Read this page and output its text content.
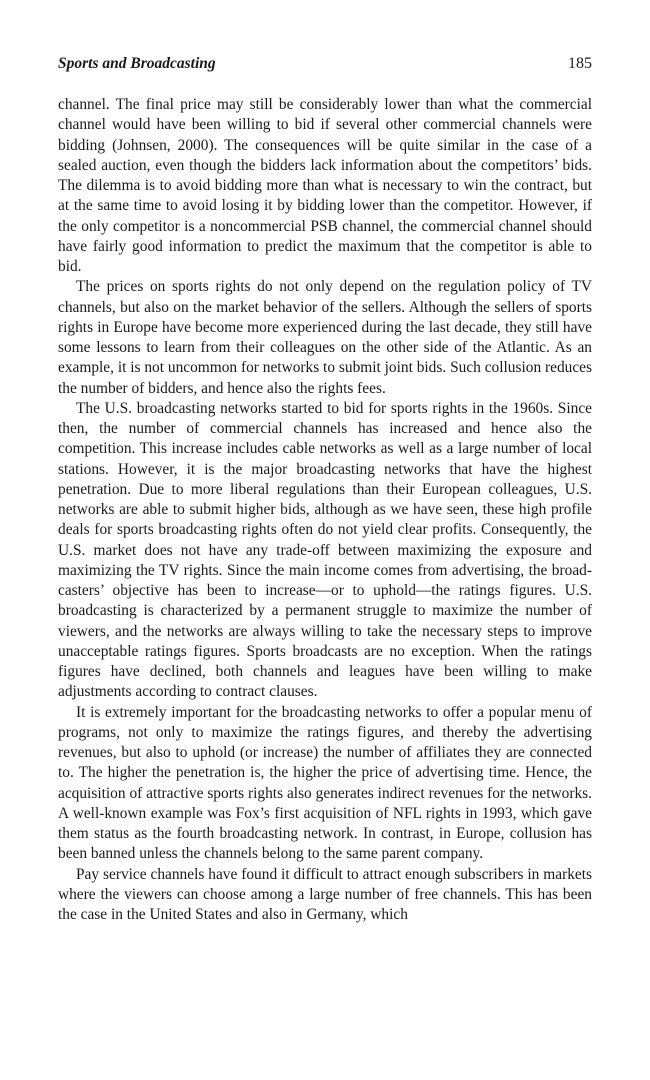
Sports and Broadcasting	185

channel. The final price may still be considerably lower than what the commercial channel would have been willing to bid if several other commercial channels were bidding (Johnsen, 2000). The consequences will be quite similar in the case of a sealed auction, even though the bidders lack information about the competitors’ bids. The dilemma is to avoid bidding more than what is necessary to win the contract, but at the same time to avoid losing it by bidding lower than the competitor. However, if the only competitor is a noncommercial PSB channel, the commercial channel should have fairly good information to predict the maximum that the competitor is able to bid.

The prices on sports rights do not only depend on the regulation policy of TV channels, but also on the market behavior of the sellers. Although the sellers of sports rights in Europe have become more experienced during the last decade, they still have some lessons to learn from their colleagues on the other side of the Atlantic. As an example, it is not uncommon for networks to submit joint bids. Such collusion reduces the number of bidders, and hence also the rights fees.

The U.S. broadcasting networks started to bid for sports rights in the 1960s. Since then, the number of commercial channels has increased and hence also the competition. This increase includes cable networks as well as a large number of local stations. However, it is the major broadcasting networks that have the highest penetration. Due to more liberal regulations than their European colleagues, U.S. networks are able to submit higher bids, although as we have seen, these high profile deals for sports broadcasting rights often do not yield clear profits. Consequently, the U.S. market does not have any trade-off between maximizing the exposure and maximizing the TV rights. Since the main income comes from advertising, the broadcasters’ objective has been to increase—or to uphold—the ratings figures. U.S. broadcasting is characterized by a permanent struggle to maximize the number of viewers, and the networks are always willing to take the necessary steps to improve unacceptable ratings figures. Sports broadcasts are no exception. When the ratings figures have declined, both channels and leagues have been willing to make adjustments according to contract clauses.

It is extremely important for the broadcasting networks to offer a popular menu of programs, not only to maximize the ratings figures, and thereby the advertising revenues, but also to uphold (or increase) the number of affiliates they are connected to. The higher the penetration is, the higher the price of advertising time. Hence, the acquisition of attractive sports rights also generates indirect revenues for the networks. A well-known example was Fox’s first acquisition of NFL rights in 1993, which gave them status as the fourth broadcasting network. In contrast, in Europe, collusion has been banned unless the channels belong to the same parent company.

Pay service channels have found it difficult to attract enough subscribers in markets where the viewers can choose among a large number of free channels. This has been the case in the United States and also in Germany, which
